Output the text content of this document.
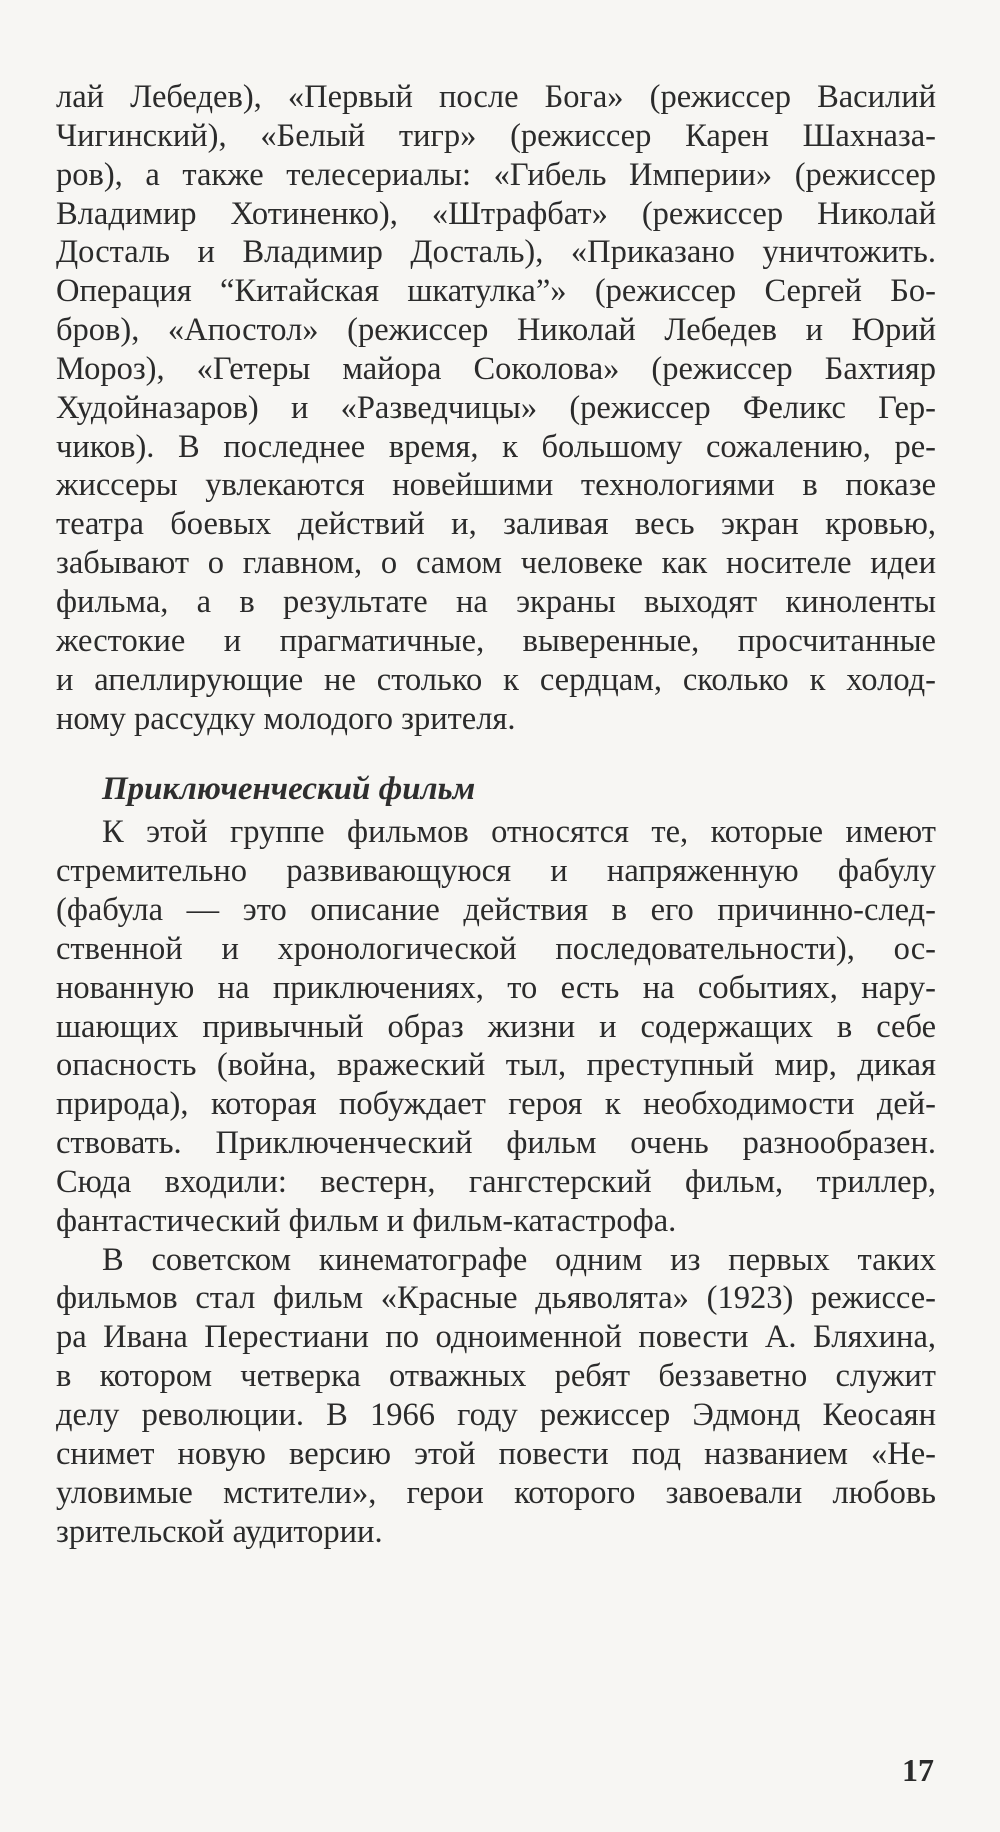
лай Лебедев), «Первый после Бога» (режиссер Василий
Чигинский), «Белый тигр» (режиссер Карен Шахназа-
ров), а также телесериалы: «Гибель Империи» (режиссер
Владимир Хотиненко), «Штрафбат» (режиссер Николай
Досталь и Владимир Досталь), «Приказано уничтожить.
Операция “Китайская шкатулка”» (режиссер Сергей Бо-
бров), «Апостол» (режиссер Николай Лебедев и Юрий
Мороз), «Гетеры майора Соколова» (режиссер Бахтияр
Худойназаров) и «Разведчицы» (режиссер Феликс Гер-
чиков). В последнее время, к большому сожалению, ре-
жиссеры увлекаются новейшими технологиями в показе
театра боевых действий и, заливая весь экран кровью,
забывают о главном, о самом человеке как носителе идеи
фильма, а в результате на экраны выходят киноленты
жестокие и прагматичные, выверенные, просчитанные
и апеллирующие не столько к сердцам, сколько к холод-
ному рассудку молодого зрителя.
Приключенческий фильм
К этой группе фильмов относятся те, которые имеют
стремительно развивающуюся и напряженную фабулу
(фабула — это описание действия в его причинно-след-
ственной и хронологической последовательности), ос-
нованную на приключениях, то есть на событиях, нару-
шающих привычный образ жизни и содержащих в себе
опасность (война, вражеский тыл, преступный мир, дикая
природа), которая побуждает героя к необходимости дей-
ствовать. Приключенческий фильм очень разнообразен.
Сюда входили: вестерн, гангстерский фильм, триллер,
фантастический фильм и фильм-катастрофа.
В советском кинематографе одним из первых таких
фильмов стал фильм «Красные дьяволята» (1923) режиссе-
ра Ивана Перестиани по одноименной повести А. Бляхина,
в котором четверка отважных ребят беззаветно служит
делу революции. В 1966 году режиссер Эдмонд Кеосаян
снимет новую версию этой повести под названием «Не-
уловимые мстители», герои которого завоевали любовь
зрительской аудитории.
17
